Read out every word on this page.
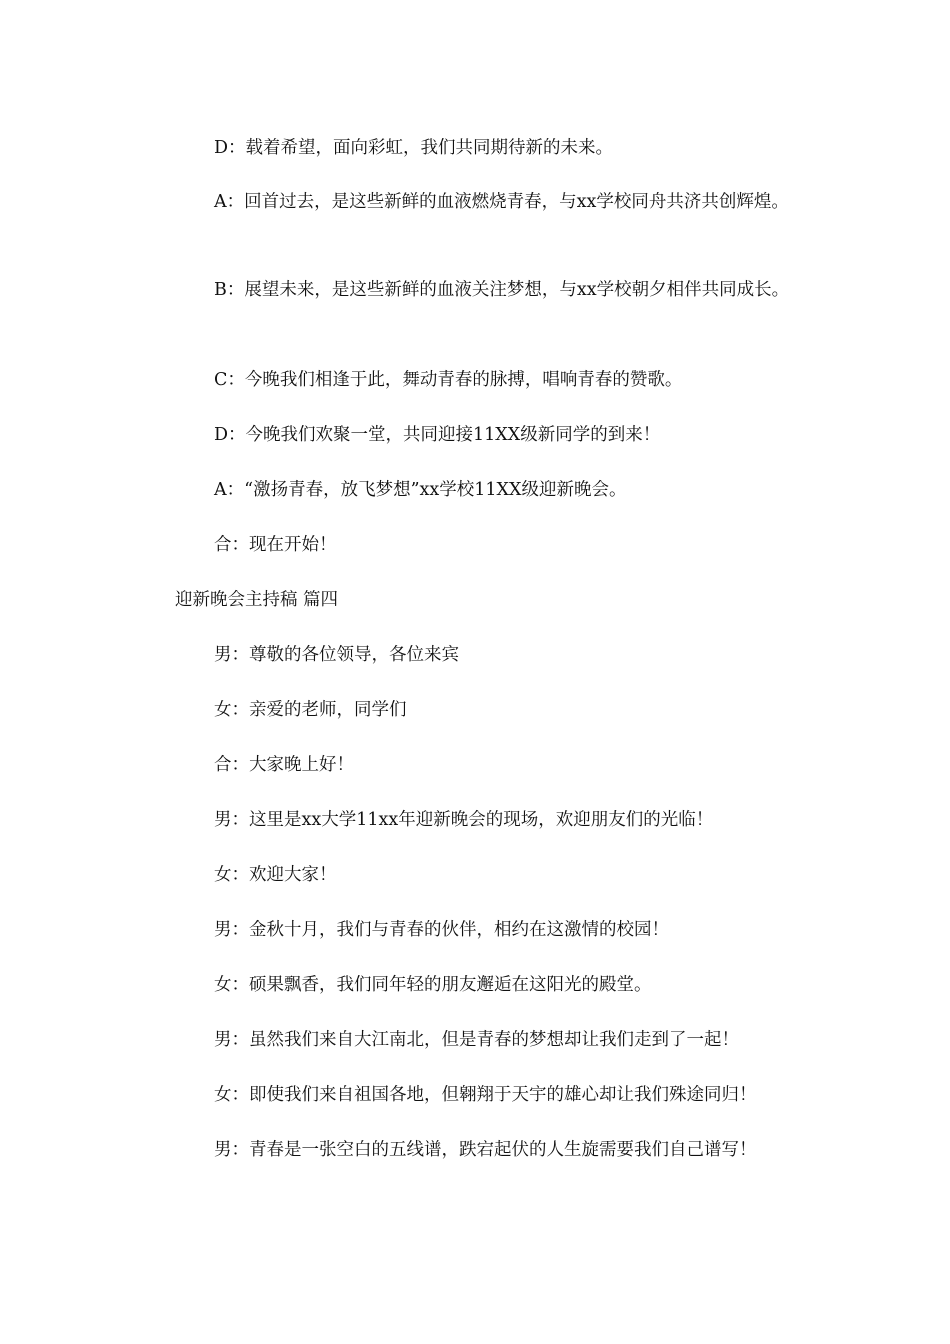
D：载着希望，面向彩虹，我们共同期待新的未来。

A：回首过去，是这些新鲜的血液燃烧青春，与xx学校同舟共济共创辉煌。

B：展望未来，是这些新鲜的血液关注梦想，与xx学校朝夕相伴共同成长。

C：今晚我们相逢于此，舞动青春的脉搏，唱响青春的赞歌。

D：今晚我们欢聚一堂，共同迎接11XX级新同学的到来！

A：“激扬青春，放飞梦想”xx学校11XX级迎新晚会。

合：现在开始！

迎新晚会主持稿 篇四

男：尊敬的各位领导，各位来宾

女：亲爱的老师，同学们

合：大家晚上好！

男：这里是xx大学11xx年迎新晚会的现场，欢迎朋友们的光临！

女：欢迎大家！

男：金秋十月，我们与青春的伙伴，相约在这激情的校园！

女：硕果飘香，我们同年轻的朋友邂逅在这阳光的殿堂。

男：虽然我们来自大江南北，但是青春的梦想却让我们走到了一起！

女：即使我们来自祖国各地，但翱翔于天宇的雄心却让我们殊途同归！

男：青春是一张空白的五线谱，跌宕起伏的人生旋需要我们自己谱写！
